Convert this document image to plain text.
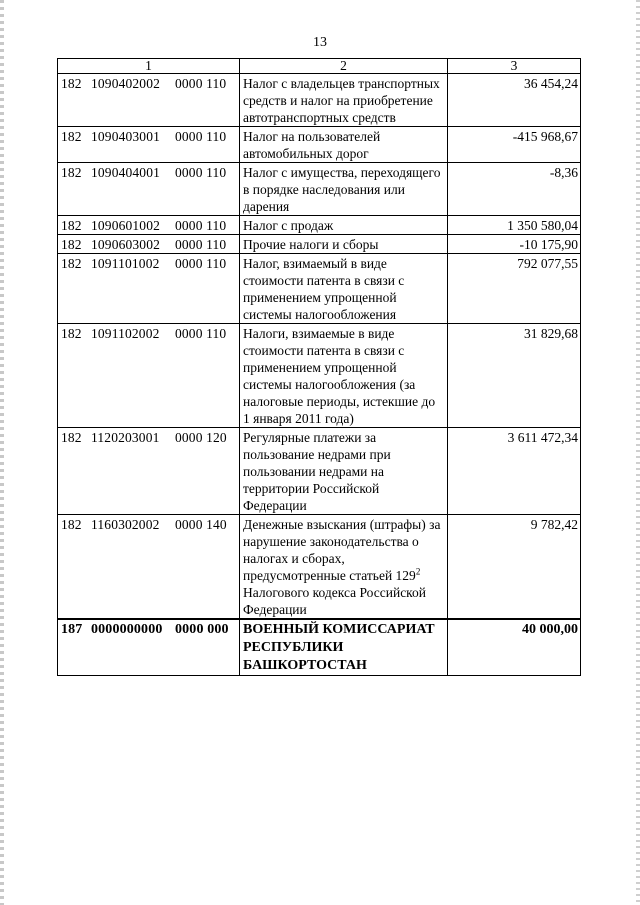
13
1	2	3
182 1090402002 0000 110	Налог с владельцев транспортных средств и налог на приобретение автотранспортных средств	36 454,24
182 1090403001 0000 110	Налог на пользователей автомобильных дорог	-415 968,67
182 1090404001 0000 110	Налог с имущества, переходящего в порядке наследования или дарения	-8,36
182 1090601002 0000 110	Налог с продаж	1 350 580,04
182 1090603002 0000 110	Прочие налоги и сборы	-10 175,90
182 1091101002 0000 110	Налог, взимаемый в виде стоимости патента в связи с применением упрощенной системы налогообложения	792 077,55
182 1091102002 0000 110	Налоги, взимаемые в виде стоимости патента в связи с применением упрощенной системы налогообложения (за налоговые периоды, истекшие до 1 января 2011 года)	31 829,68
182 1120203001 0000 120	Регулярные платежи за пользование недрами при пользовании недрами на территории Российской Федерации	3 611 472,34
182 1160302002 0000 140	Денежные взыскания (штрафы) за нарушение законодательства о налогах и сборах, предусмотренные статьей $129^2$ Налогового кодекса Российской Федерации	9 782,42
187 0000000000 0000 000	ВОЕННЫЙ КОМИССАРИАТ РЕСПУБЛИКИ БАШКОРТОСТАН	40 000,00
